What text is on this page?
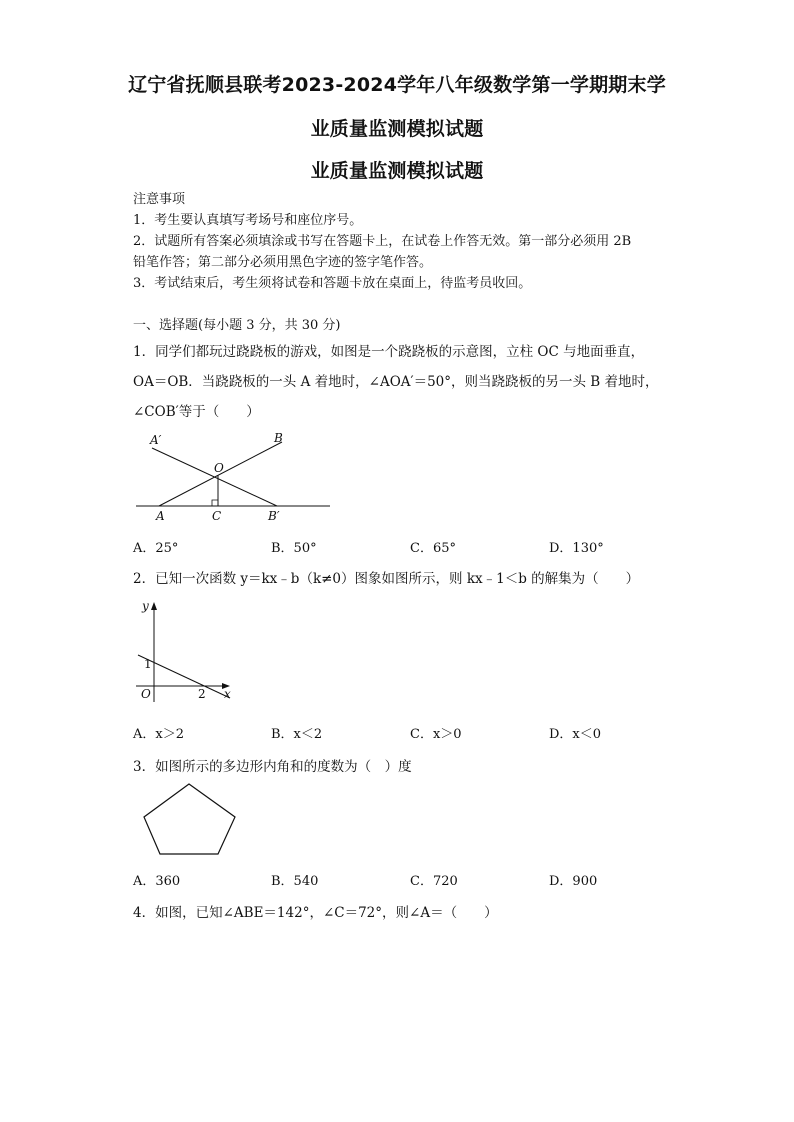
辽宁省抚顺县联考2023-2024学年八年级数学第一学期期末学
业质量监测模拟试题
业质量监测模拟试题
注意事项
1．考生要认真填写考场号和座位序号。
2．试题所有答案必须填涂或书写在答题卡上，在试卷上作答无效。第一部分必须用 2B
铅笔作答；第二部分必须用黑色字迹的签字笔作答。
3．考试结束后，考生须将试卷和答题卡放在桌面上，待监考员收回。
一、选择题(每小题 3 分，共 30 分)
1．同学们都玩过跷跷板的游戏，如图是一个跷跷板的示意图，立柱 OC 与地面垂直，
OA＝OB．当跷跷板的一头 A 着地时，∠AOA′＝50°，则当跷跷板的另一头 B 着地时，
∠COB′等于（　　）
A′	B
O
A	C	B′
A．25°	B．50°	C．65°	D．130°
2．已知一次函数 y＝kx﹣b（k≠0）图象如图所示，则 kx﹣1＜b 的解集为（　　）
y
x
O
1
2
A．x＞2	B．x＜2	C．x＞0	D．x＜0
3．如图所示的多边形内角和的度数为（　）度
A．360	B．540	C．720	D．900
4．如图，已知∠ABE＝142°，∠C＝72°，则∠A＝（　　）
